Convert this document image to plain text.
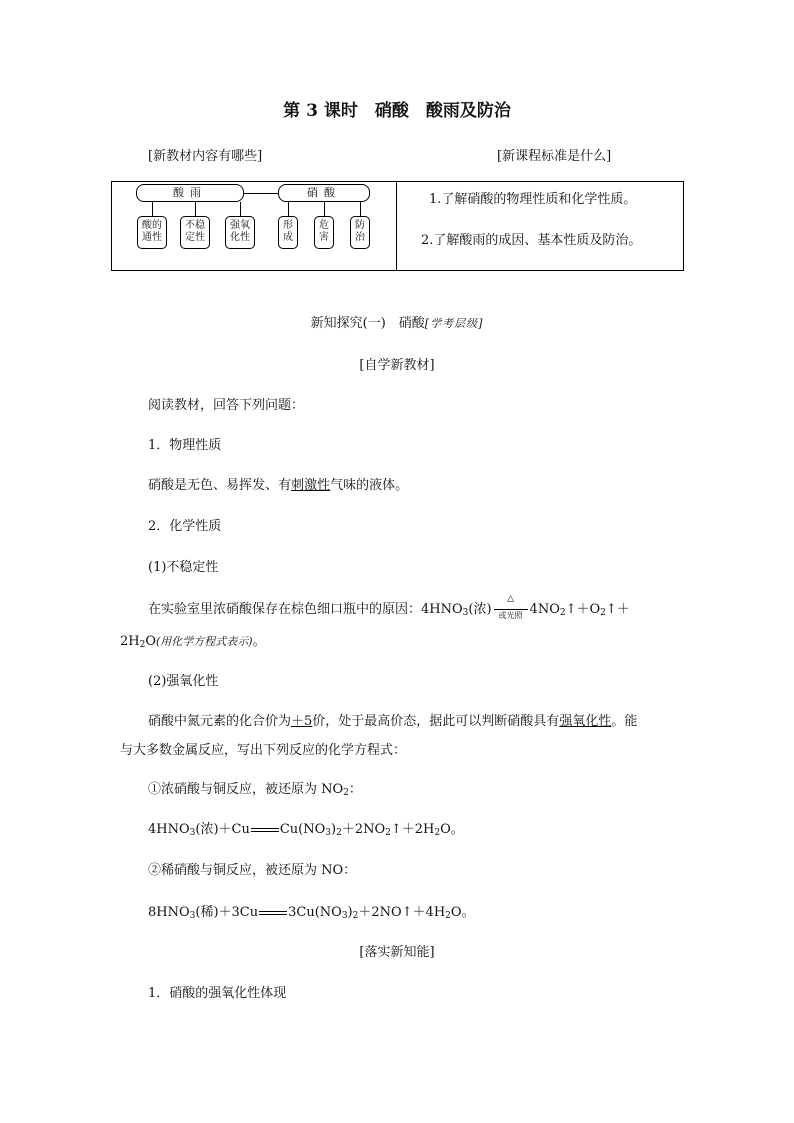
第 3 课时　硝酸　酸雨及防治
[新教材内容有哪些]	[新课程标准是什么]
酸雨	硝酸
酸的
通性
不稳
定性
强氧
化性
形
成
危
害
防
治
1.了解硝酸的物理性质和化学性质。
2.了解酸雨的成因、基本性质及防治。
新知探究(一)　硝酸[学考层级]
[自学新教材]
阅读教材，回答下列问题：
1．物理性质
硝酸是无色、易挥发、有刺激性气味的液体。
2．化学性质
(1)不稳定性
在实验室里浓硝酸保存在棕色细口瓶中的原因：$4HNO_3$(浓)
△
或光照 $4NO_2↑+O_2↑+$
$2H_2O$(用化学方程式表示)。
(2)强氧化性
硝酸中氮元素的化合价为＋5价，处于最高价态，据此可以判断硝酸具有强氧化性。能
与大多数金属反应，写出下列反应的化学方程式：
①浓硝酸与铜反应，被还原为 $NO_2$：
$4HNO_3$(浓)＋Cu $Cu(NO_3)_2+2NO_2↑+2H_2O$。
②稀硝酸与铜反应，被还原为 NO：
$8HNO_3$(稀)＋3Cu $3Cu(NO_3)_2+2NO↑+4H_2O$。
[落实新知能]
1．硝酸的强氧化性体现
